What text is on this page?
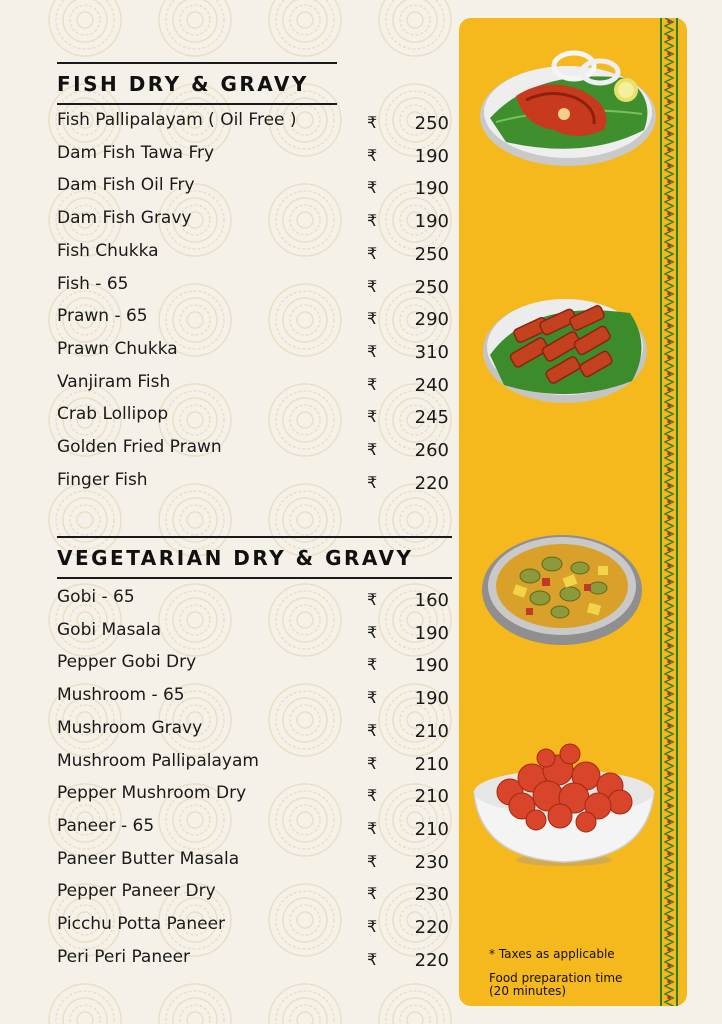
FISH DRY & GRAVY
VEGETARIAN DRY & GRAVY
Fish Pallipalayam ( Oil Free )	₹ 250
Dam Fish Tawa Fry	₹ 190
Dam Fish Oil Fry	₹ 190
Dam Fish Gravy	₹ 190
Fish Chukka	₹ 250
Fish - 65	₹ 250
Prawn - 65	₹ 290
Prawn Chukka	₹ 310
Vanjiram Fish	₹ 240
Crab Lollipop	₹ 245
Golden Fried Prawn	₹ 260
Finger Fish	₹ 220
Gobi - 65	₹ 160
Gobi Masala	₹ 190
Pepper Gobi Dry	₹ 190
Mushroom - 65	₹ 190
Mushroom Gravy	₹ 210
Mushroom Pallipalayam	₹ 210
Pepper Mushroom Dry	₹ 210
Paneer - 65	₹ 210
Paneer Butter Masala	₹ 230
Pepper Paneer Dry	₹ 230
Picchu Potta Paneer	₹ 220
Peri Peri Paneer	₹ 220	* Taxes as applicable
Food preparation time
(20 minutes)
